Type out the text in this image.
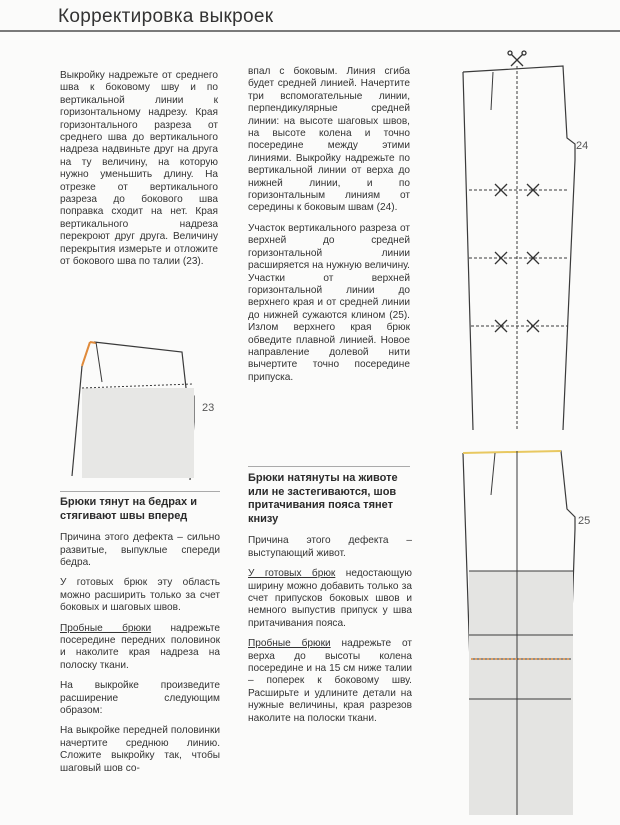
Корректировка выкроек

Выкройку надрежьте от среднего шва к боковому шву и по вертикальной линии к горизонтальному надрезу. Края горизонтального разреза от среднего шва до вертикального надреза надвиньте друг на друга на ту величину, на которую нужно уменьшить длину. На отрезке от вертикального разреза до бокового шва поправка сходит на нет. Края вертикального надреза перекроют друг друга. Величину перекрытия измерьте и отложите от бокового шва по талии (23).

Брюки тянут на бедрах и стягивают швы вперед

Причина этого дефекта – сильно развитые, выпуклые спереди бедра.

У готовых брюк эту область можно расширить только за счет боковых и шаговых швов.

Пробные брюки надрежьте посередине передних половинок и наколите края надреза на полоску ткани.

На выкройке произведите расширение следующим образом:

На выкройке передней половинки начертите среднюю линию. Сложите выкройку так, чтобы шаговый шов со-

впал с боковым. Линия сгиба будет средней линией. Начертите три вспомогательные линии, перпендикулярные средней линии: на высоте шаговых швов, на высоте колена и точно посередине между этими линиями. Выкройку надрежьте по вертикальной линии от верха до нижней линии, и по горизонтальным линиям от середины к боковым швам (24).

Участок вертикального разреза от верхней до средней горизонтальной линии расширяется на нужную величину. Участки от верхней горизонтальной линии до верхнего края и от средней линии до нижней сужаются клином (25). Излом верхнего края брюк обведите плавной линией. Новое направление долевой нити вычертите точно посередине припуска.

Брюки натянуты на животе или не застегиваются, шов притачивания пояса тянет книзу

Причина этого дефекта – выступающий живот.

У готовых брюк недостающую ширину можно добавить только за счет припусков боковых швов и немного выпустив припуск у шва притачивания пояса.

Пробные брюки надрежьте от верха до высоты колена посередине и на 15 см ниже талии – поперек к боковому шву. Расширьте и удлините детали на нужные величины, края разрезов наколите на полоски ткани.

23
24
25
